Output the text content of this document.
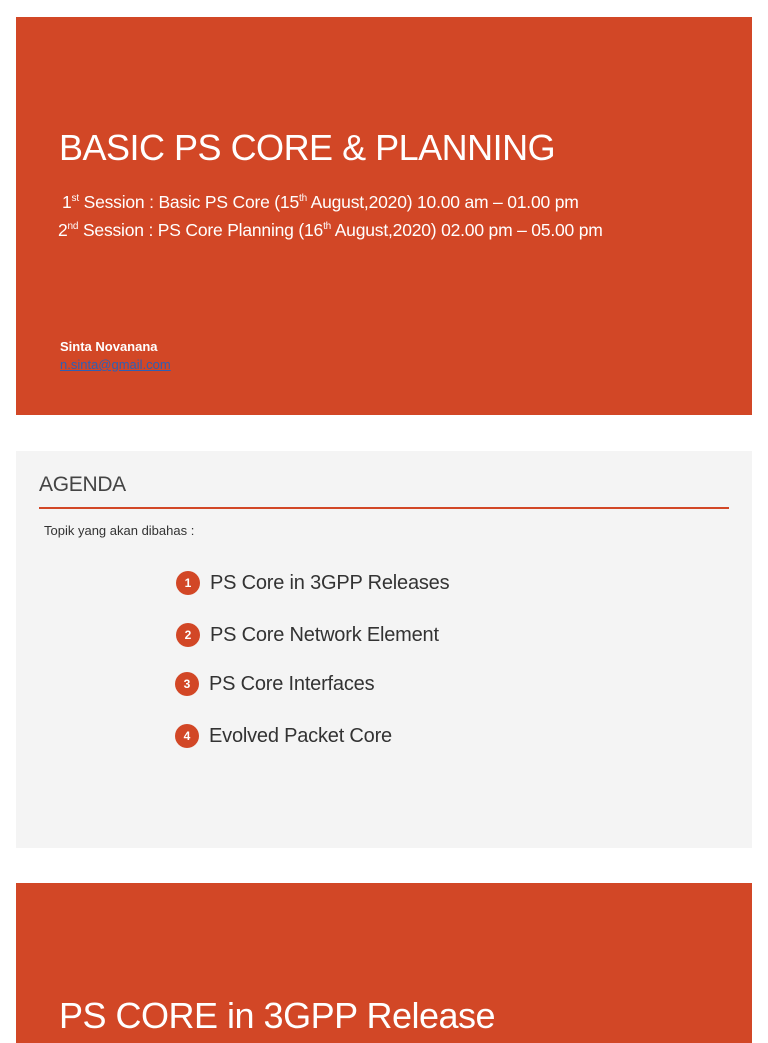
BASIC PS CORE & PLANNING
1st Session : Basic PS Core (15th August,2020) 10.00 am – 01.00 pm
2nd Session : PS Core Planning (16th August,2020) 02.00 pm – 05.00 pm
Sinta Novanana
n.sinta@gmail.com
AGENDA
Topik yang akan dibahas :
1 PS Core in 3GPP Releases
2 PS Core Network Element
3 PS Core Interfaces
4 Evolved Packet Core
PS CORE in 3GPP Release
